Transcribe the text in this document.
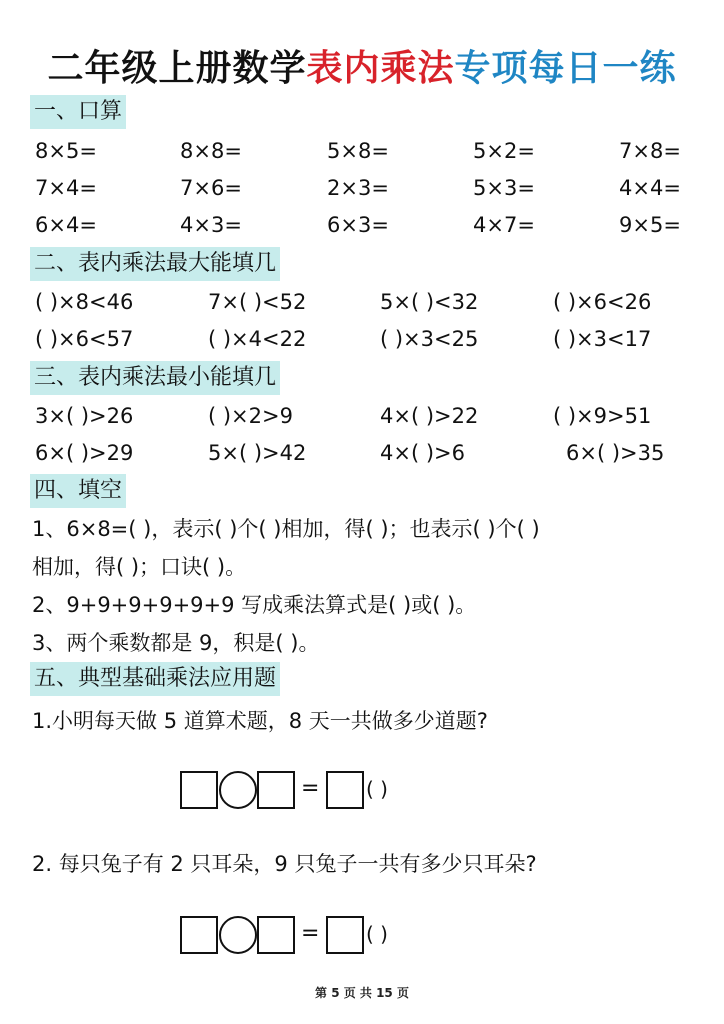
二年级上册数学表内乘法专项每日一练
一、口算
8×5=	8×8=	5×8=	5×2=	7×8=
7×4=	7×6=	2×3=	5×3=	4×4=
6×4=	4×3=	6×3=	4×7=	9×5=
二、表内乘法最大能填几
( )×8<46	7×( )<52	5×( )<32	( )×6<26
( )×6<57	( )×4<22	( )×3<25	( )×3<17
三、表内乘法最小能填几
3×( )>26	( )×2>9	4×( )>22	( )×9>51
6×( )>29	5×( )>42	4×( )>6	6×( )>35
四、填空
1、6×8=( )，表示( )个( )相加，得( )；也表示( )个( )
相加，得( )；口诀( )。
2、9+9+9+9+9+9 写成乘法算式是( )或( )。
3、两个乘数都是 9，积是( )。
五、典型基础乘法应用题
1.小明每天做 5 道算术题，8 天一共做多少道题?
= ( )
2. 每只兔子有 2 只耳朵，9 只兔子一共有多少只耳朵?
= ( )
第 5 页 共 15 页
